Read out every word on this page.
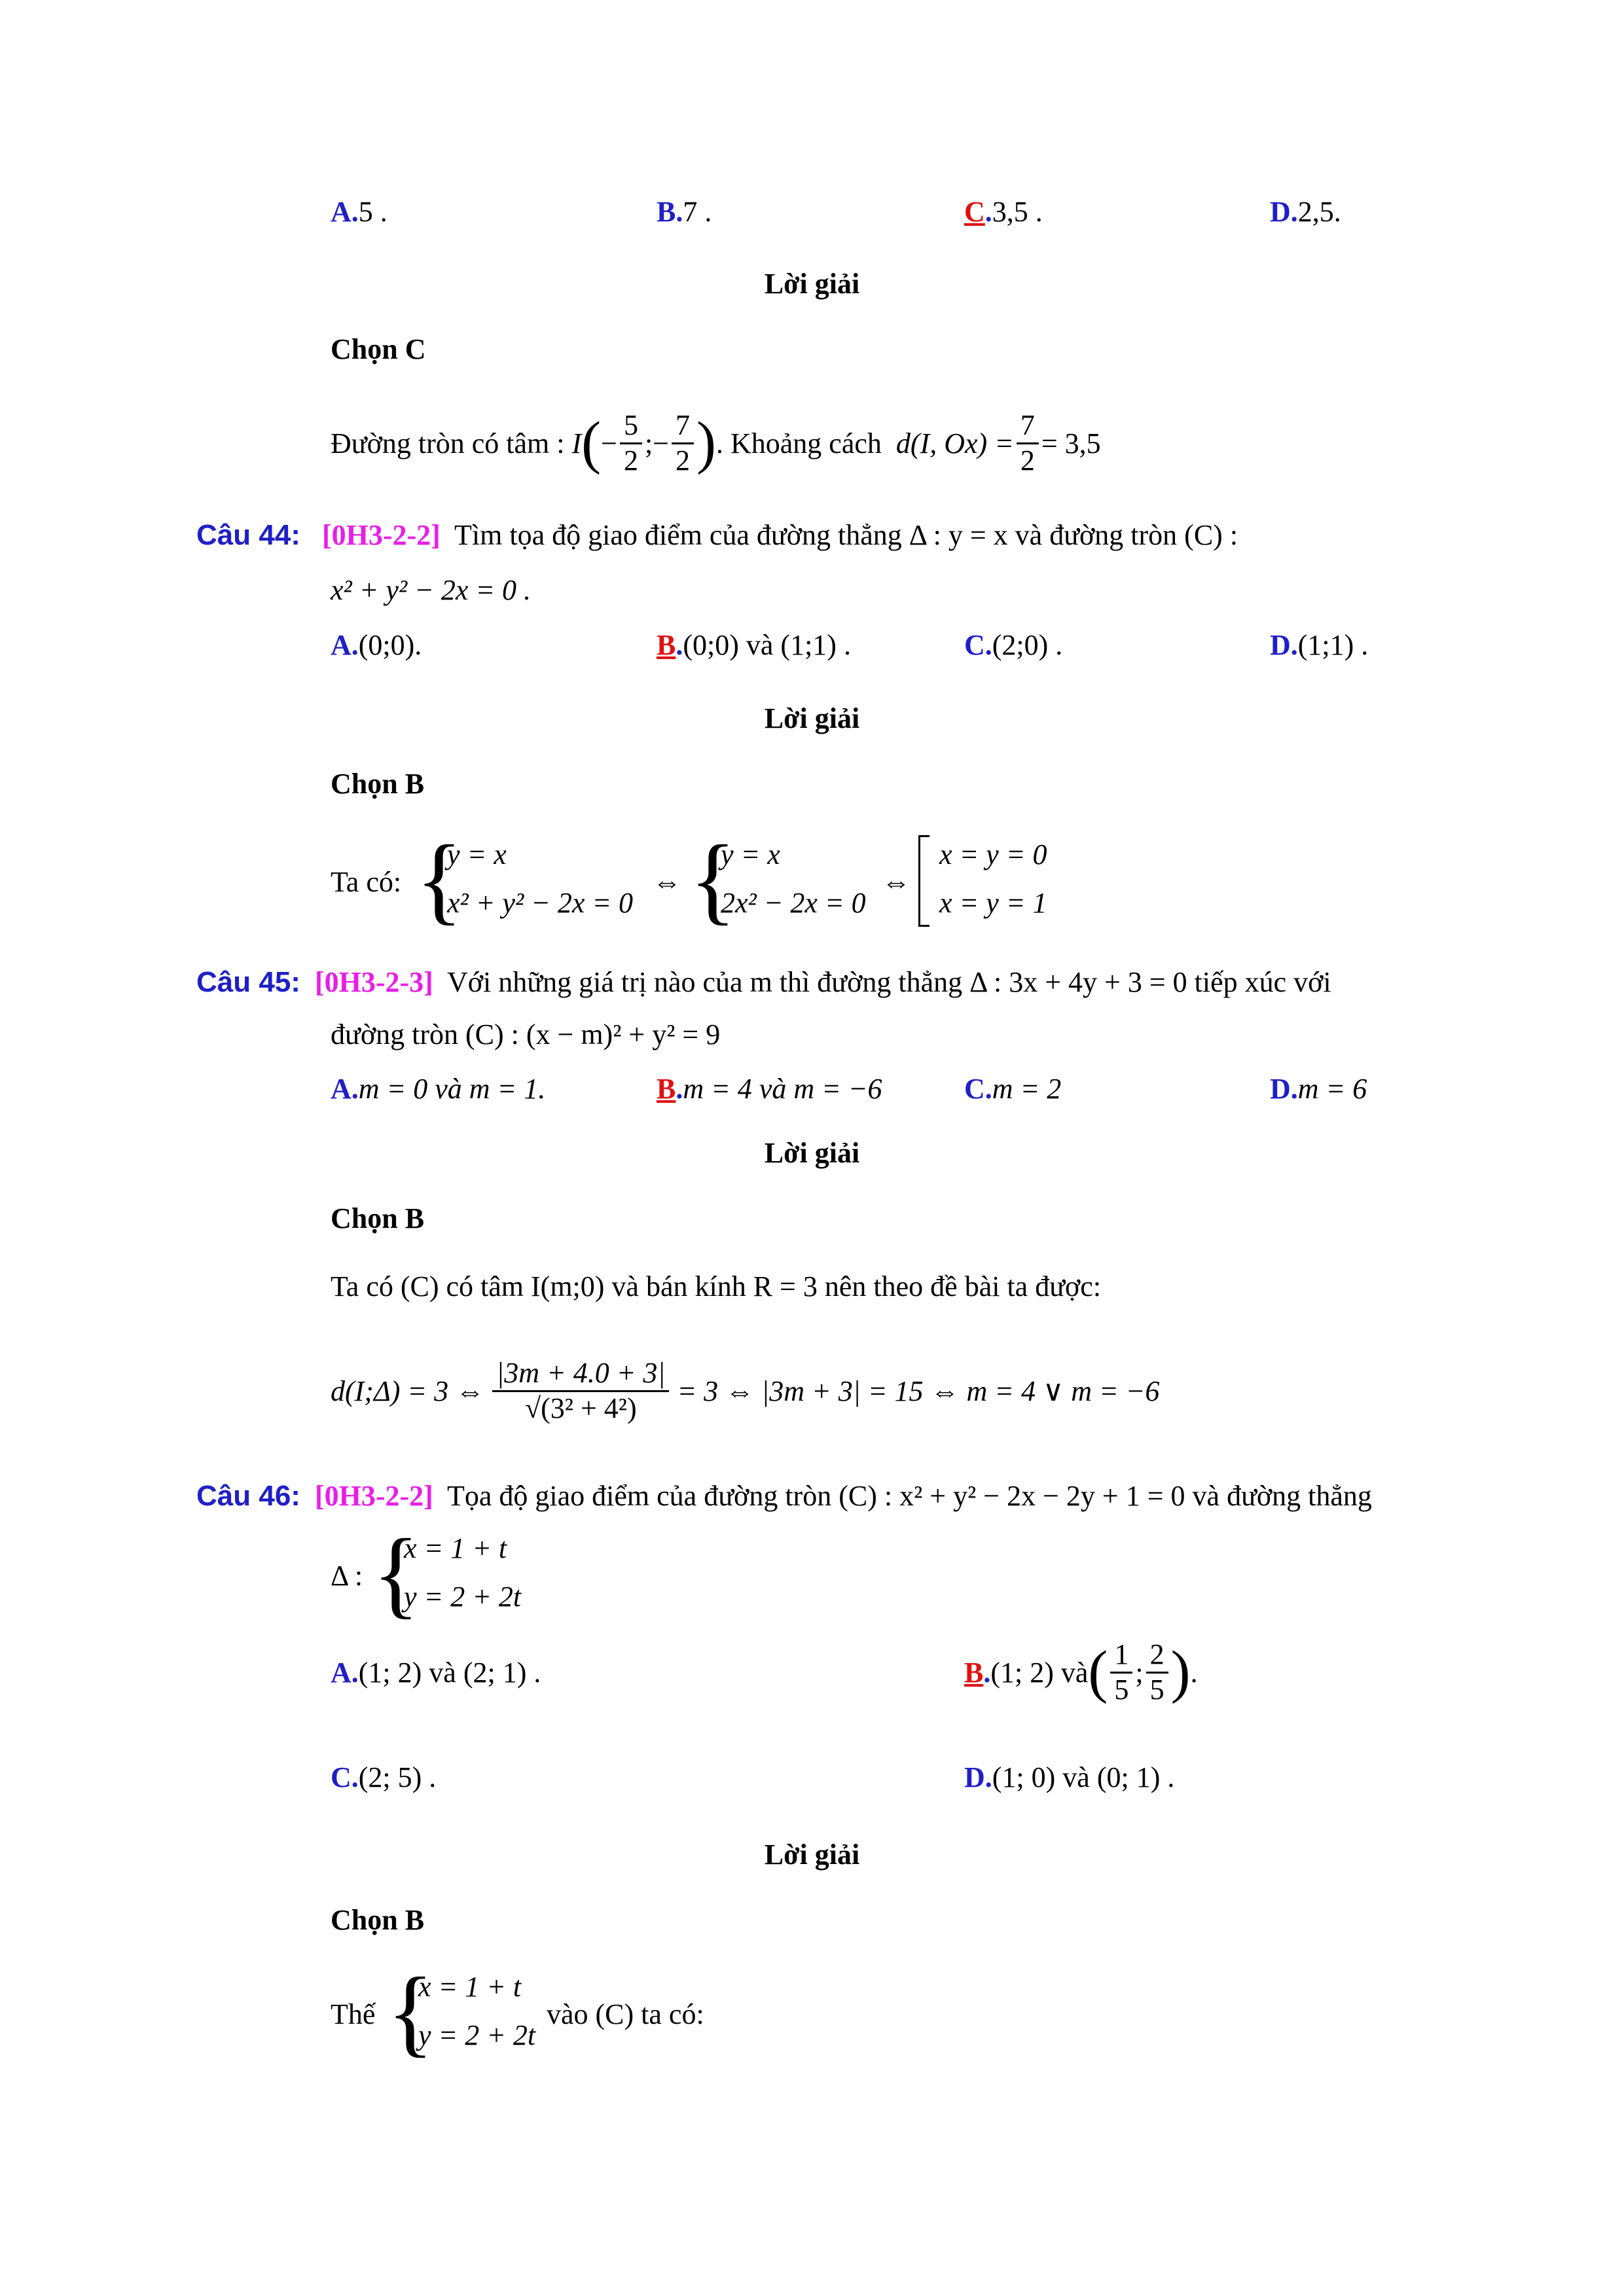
A.5 .	B.7 .	C.3,5 .	D.2,5.
Lời giải
Chọn C
Đường tròn có tâm :
I ( − $\frac{5}{2}$ ;− $\frac{7}{2}$ ) . Khoảng cách
d(I, $Ox) = \frac{7}{2} = 3,5$
Câu 44: [0H3-2-2] Tìm tọa độ giao điểm của đường thẳng Δ : y = x và đường tròn (C) :
x² + y² − 2x = 0 .
A.(0;0).	B.(0;0) và (1;1) .	C.(2;0) .	D.(1;1) .
Lời giải
Chọn B
Ta có: {
y = x
x² + y² − 2x = 0
⇔ {
y = x
2x² − 2x = 0
⇔
x = y = 0
x = y = 1
Câu 45: [0H3-2-3] Với những giá trị nào của m thì đường thẳng Δ : 3x + 4y + 3 = 0 tiếp xúc với
đường tròn (C) : (x − m)² + y² = 9
A.m = 0 và m = 1.	B.m = 4 và m = −6	C.m = 2	D.m = 6
Lời giải
Chọn B
Ta có (C) có tâm I(m;0) và bán kính R = 3 nên theo đề bài ta được:
d(I;Δ) = 3 ⇔ $\frac{|3m + 4.0 + 3|}{\text{√(3² + 4²)}} = 3$ ⇔ |3m + 3| = 15 ⇔ m = 4 ∨ m = −6
Câu 46: [0H3-2-2] Tọa độ giao điểm của đường tròn (C) : x² + y² − 2x − 2y + 1 = 0 và đường thẳng
Δ : {
x = 1 + t
y = 2 + 2t
A.(1; 2) và (2; 1) .	B . (1; 2) và ( $\frac{1}{5}$ ; $\frac{2}{5}$ ) .
C.(2; 5) .	D.(1; 0) và (0; 1) .
Lời giải
Chọn B
Thế {
x = 1 + t
y = 2 + 2t
vào (C) ta có:
